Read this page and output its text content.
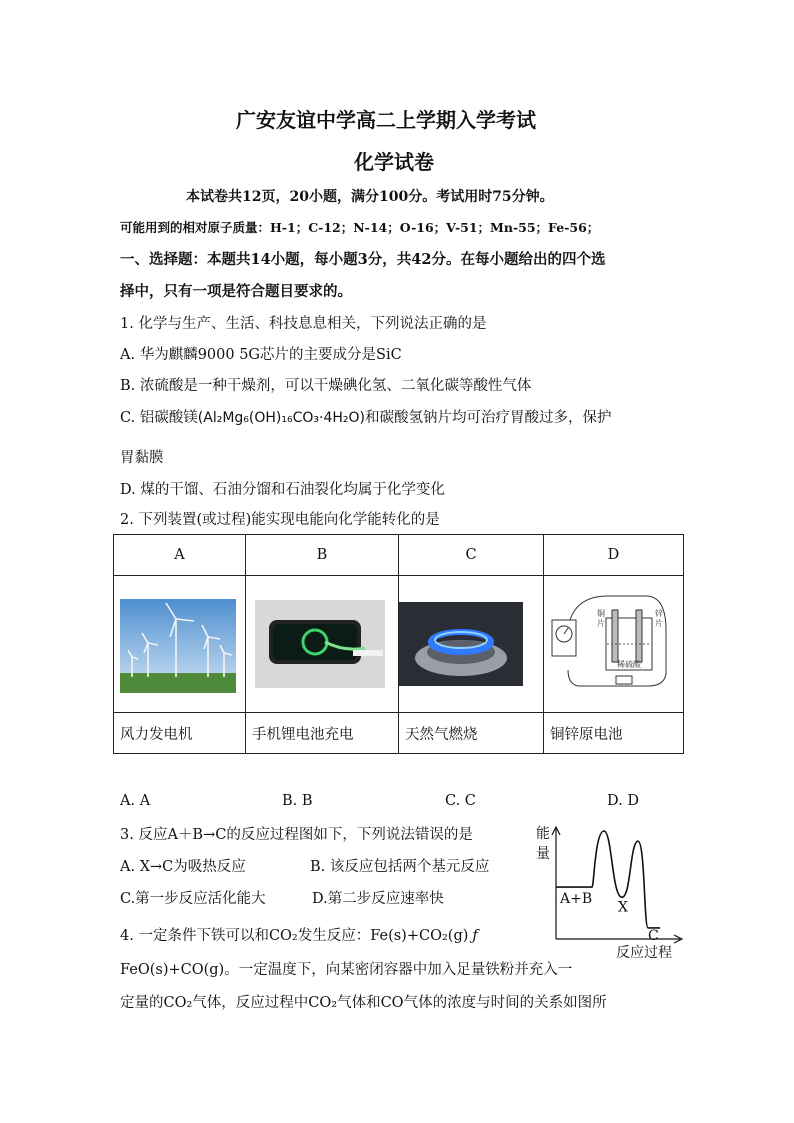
广安友谊中学高二上学期入学考试
化学试卷
本试卷共12页，20小题，满分100分。考试用时75分钟。
可能用到的相对原子质量：H-1；C-12；N-14；O-16；V-51；Mn-55；Fe-56；
一、选择题：本题共14小题，每小题3分，共42分。在每小题给出的四个选
择中，只有一项是符合题目要求的。
1. 化学与生产、生活、科技息息相关，下列说法正确的是
A. 华为麒麟9000 5G芯片的主要成分是SiC
B. 浓硫酸是一种干燥剂，可以干燥碘化氢、二氧化碳等酸性气体
C. 铝碳酸镁(Al₂Mg₆(OH)₁₆CO₃·4H₂O)和碳酸氢钠片均可治疗胃酸过多，保护
胃黏膜
D. 煤的干馏、石油分馏和石油裂化均属于化学变化
2. 下列装置(或过程)能实现电能向化学能转化的是
A	B	C	D

铜
片
锌
片
稀硫酸

风力发电机	手机锂电池充电	天然气燃烧	铜锌原电池
A. A	B. B	C. C	D. D
3. 反应A＋B→C的反应过程图如下，下列说法错误的是
A. X→C为吸热反应	B. 该反应包括两个基元反应
C.第一步反应活化能大	D.第二步反应速率快
能
量
A+B
X
C
反应过程
4. 一定条件下铁可以和CO₂发生反应：Fe(s)+CO₂(g) ƒ
FeO(s)+CO(g)。一定温度下，向某密闭容器中加入足量铁粉并充入一
定量的CO₂气体，反应过程中CO₂气体和CO气体的浓度与时间的关系如图所
